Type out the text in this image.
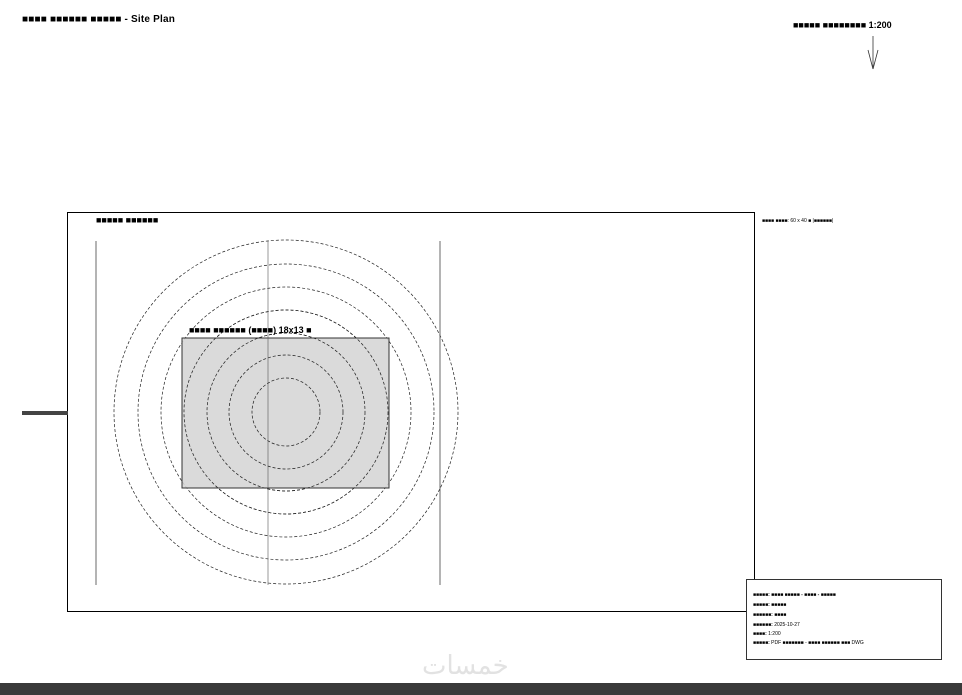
■■■■ ■■■■■■ ■■■■■ - Site Plan	■■■■■ ■■■■■■■■ 1:200
■■■■ ■■■■: 60 x 40 ■ |■■■■■■|
■■■■■ ■■■■■■
■■■■ ■■■■■■ (■■■■) 18x13 ■
■■■■■: ■■■■ ■■■■■ - ■■■■ - ■■■■■
■■■■■: ■■■■■
■■■■■■: ■■■■
■■■■■■: 2025-10-27
■■■■: 1:200
■■■■■: PDF ■■■■■■■ - ■■■■ ■■■■■■ ■■■ DWG
خمسات
